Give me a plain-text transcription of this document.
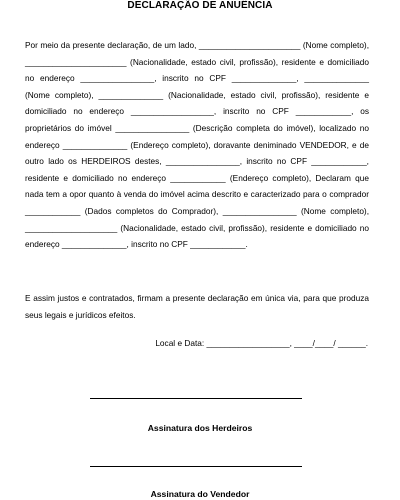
DECLARAÇÃO DE ANUÊNCIA

Por meio da presente declaração, de um lado, ______________________ (Nome completo), ______________________ (Nacionalidade, estado civil, profissão), residente e domiciliado no endereço ________________, inscrito no CPF ______________, ______________ (Nome completo), ______________ (Nacionalidade, estado civil, profissão), residente e domiciliado no endereço __________________, inscrito no CPF ____________, os proprietários do imóvel ________________ (Descrição completa do imóvel), localizado no endereço ______________ (Endereço completo), doravante deniminado VENDEDOR, e de outro lado os HERDEIROS destes, ________________, inscrito no CPF ____________, residente e domiciliado no endereço ____________ (Endereço completo), Declaram que nada tem a opor quanto à venda do imóvel acima descrito e caracterizado para o comprador ____________ (Dados completos do Comprador), ________________ (Nome completo), ____________________ (Nacionalidade, estado civil, profissão), residente e domiciliado no endereço ______________, inscrito no CPF ____________.

E assim justos e contratados, firmam a presente declaração em única via, para que produza seus legais e jurídicos efeitos.
Local e Data: __________________, ____/____/ ______.
Assinatura dos Herdeiros
Assinatura do Vendedor
